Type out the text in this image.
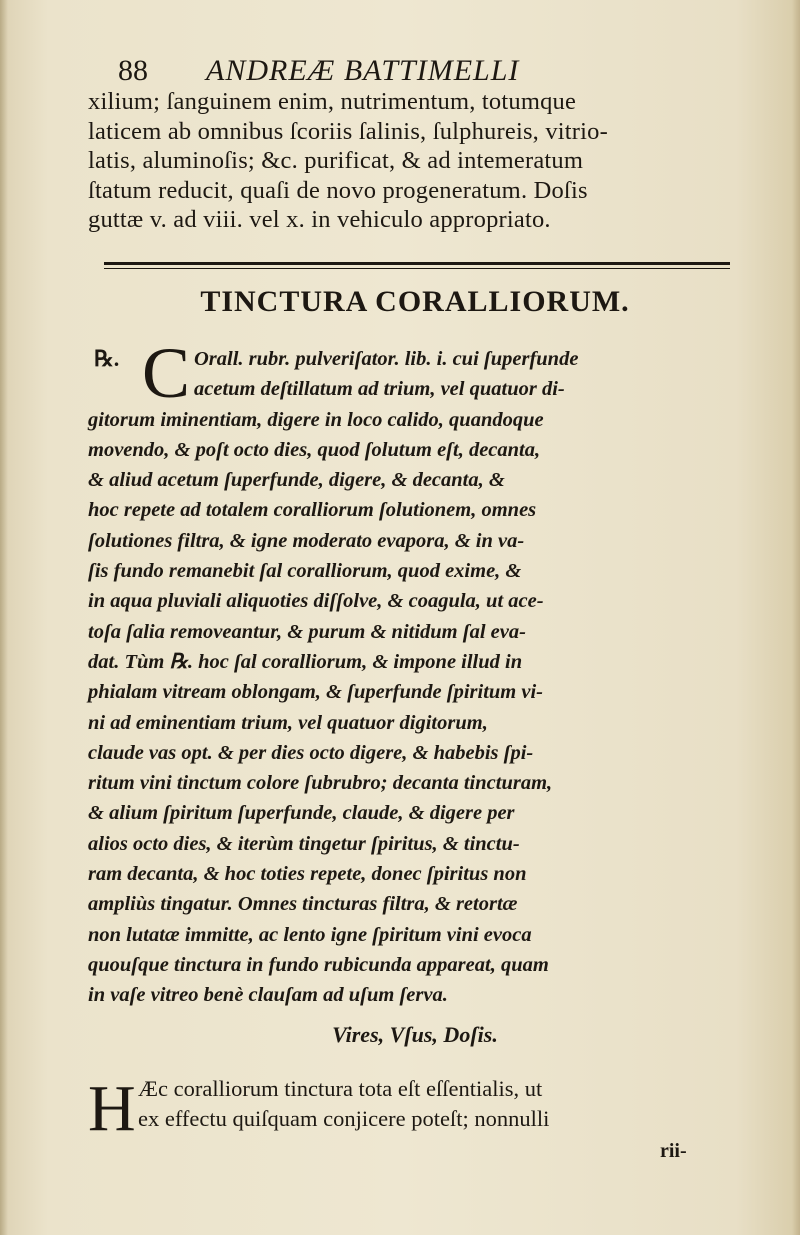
88 ANDREÆ BATTIMELLI

xilium; ſanguinem enim, nutrimentum, totumque
laticem ab omnibus ſcoriis ſalinis, ſulphureis, vitrio-
latis, aluminoſis; &c. purificat, & ad intemeratum
ſtatum reducit, quaſi de novo progeneratum. Doſis
guttæ v. ad viii. vel x. in vehiculo appropriato.

TINCTURA CORALLIORUM.
℞. C Orall. rubr. pulveriſator. lib. i. cui ſuperfunde
acetum deſtillatum ad trium, vel quatuor di-
gitorum iminentiam, digere in loco calido, quandoque
movendo, & poſt octo dies, quod ſolutum eſt, decanta,
& aliud acetum ſuperfunde, digere, & decanta, &
hoc repete ad totalem coralliorum ſolutionem, omnes
ſolutiones filtra, & igne moderato evapora, & in va-
ſis fundo remanebit ſal coralliorum, quod exime, &
in aqua pluviali aliquoties diſſolve, & coagula, ut ace-
toſa ſalia removeantur, & purum & nitidum ſal eva-
dat. Tùm ℞. hoc ſal coralliorum, & impone illud in
phialam vitream oblongam, & ſuperfunde ſpiritum vi-
ni ad eminentiam trium, vel quatuor digitorum,
claude vas opt. & per dies octo digere, & habebis ſpi-
ritum vini tinctum colore ſubrubro; decanta tincturam,
& alium ſpiritum ſuperfunde, claude, & digere per
alios octo dies, & iterùm tingetur ſpiritus, & tinctu-
ram decanta, & hoc toties repete, donec ſpiritus non
ampliùs tingatur. Omnes tincturas filtra, & retortæ
non lutatæ immitte, ac lento igne ſpiritum vini evoca
quouſque tinctura in fundo rubicunda appareat, quam
in vaſe vitreo benè clauſam ad uſum ſerva.
Vires, Vſus, Doſis.
H Æc coralliorum tinctura tota eſt eſſentialis, ut
ex effectu quiſquam conjicere poteſt; nonnulli

rii-
